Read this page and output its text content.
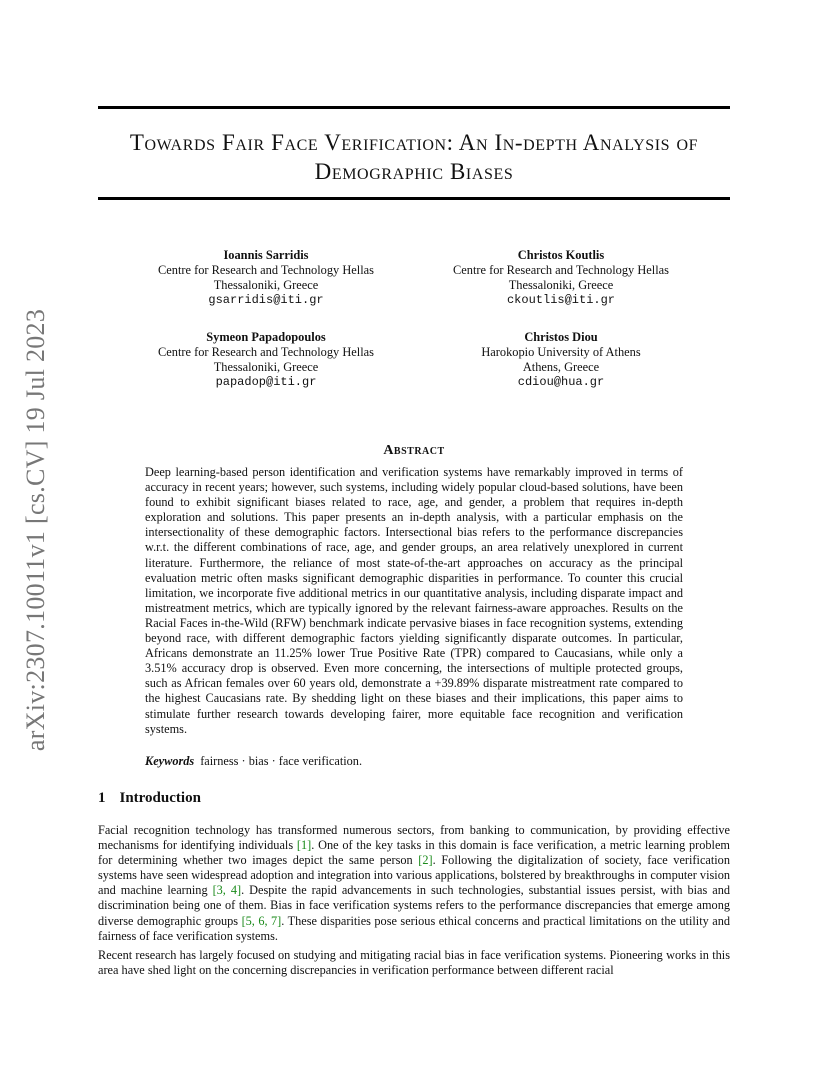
arXiv:2307.10011v1 [cs.CV] 19 Jul 2023
Towards Fair Face Verification: An In-depth Analysis of Demographic Biases
Ioannis Sarridis
Centre for Research and Technology Hellas
Thessaloniki, Greece
gsarridis@iti.gr
Christos Koutlis
Centre for Research and Technology Hellas
Thessaloniki, Greece
ckoutlis@iti.gr
Symeon Papadopoulos
Centre for Research and Technology Hellas
Thessaloniki, Greece
papadop@iti.gr
Christos Diou
Harokopio University of Athens
Athens, Greece
cdiou@hua.gr
Abstract
Deep learning-based person identification and verification systems have remarkably improved in terms of accuracy in recent years; however, such systems, including widely popular cloud-based solutions, have been found to exhibit significant biases related to race, age, and gender, a problem that requires in-depth exploration and solutions. This paper presents an in-depth analysis, with a particular emphasis on the intersectionality of these demographic factors. Intersectional bias refers to the performance discrepancies w.r.t. the different combinations of race, age, and gender groups, an area relatively unexplored in current literature. Furthermore, the reliance of most state-of-the-art approaches on accuracy as the principal evaluation metric often masks significant demographic disparities in performance. To counter this crucial limitation, we incorporate five additional metrics in our quantitative analysis, including disparate impact and mistreatment metrics, which are typically ignored by the relevant fairness-aware approaches. Results on the Racial Faces in-the-Wild (RFW) benchmark indicate pervasive biases in face recognition systems, extending beyond race, with different demographic factors yielding significantly disparate outcomes. In particular, Africans demonstrate an 11.25% lower True Positive Rate (TPR) compared to Caucasians, while only a 3.51% accuracy drop is observed. Even more concerning, the intersections of multiple protected groups, such as African females over 60 years old, demonstrate a +39.89% disparate mistreatment rate compared to the highest Caucasians rate. By shedding light on these biases and their implications, this paper aims to stimulate further research towards developing fairer, more equitable face recognition and verification systems.
Keywords fairness · bias · face verification.
1 Introduction
Facial recognition technology has transformed numerous sectors, from banking to communication, by providing effective mechanisms for identifying individuals [1]. One of the key tasks in this domain is face verification, a metric learning problem for determining whether two images depict the same person [2]. Following the digitalization of society, face verification systems have seen widespread adoption and integration into various applications, bolstered by breakthroughs in computer vision and machine learning [3, 4]. Despite the rapid advancements in such technologies, substantial issues persist, with bias and discrimination being one of them. Bias in face verification systems refers to the performance discrepancies that emerge among diverse demographic groups [5, 6, 7]. These disparities pose serious ethical concerns and practical limitations on the utility and fairness of face verification systems.
Recent research has largely focused on studying and mitigating racial bias in face verification systems. Pioneering works in this area have shed light on the concerning discrepancies in verification performance between different racial
